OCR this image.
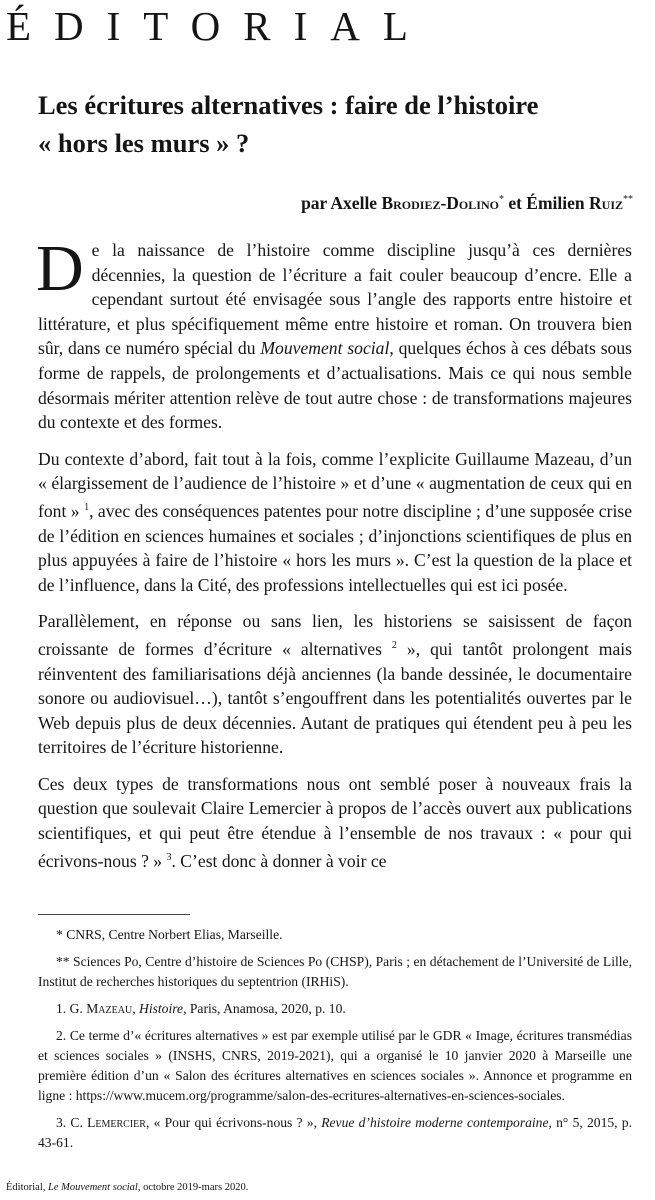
ÉDITORIAL
Les écritures alternatives : faire de l’histoire
« hors les murs » ?
par Axelle Brodiez-Dolino* et Émilien Ruiz**

De la naissance de l’histoire comme discipline jusqu’à ces dernières décennies, la question de l’écriture a fait couler beaucoup d’encre. Elle a cependant surtout été envisagée sous l’angle des rapports entre histoire et littérature, et plus spécifiquement même entre histoire et roman. On trouvera bien sûr, dans ce numéro spécial du Mouvement social, quelques échos à ces débats sous forme de rappels, de prolongements et d’actualisations. Mais ce qui nous semble désormais mériter attention relève de tout autre chose : de transformations majeures du contexte et des formes.

Du contexte d’abord, fait tout à la fois, comme l’explicite Guillaume Mazeau, d’un « élargissement de l’audience de l’histoire » et d’une « augmentation de ceux qui en font » $^1$, avec des conséquences patentes pour notre discipline ; d’une supposée crise de l’édition en sciences humaines et sociales ; d’injonctions scientifiques de plus en plus appuyées à faire de l’histoire « hors les murs ». C’est la question de la place et de l’influence, dans la Cité, des professions intellectuelles qui est ici posée.

Parallèlement, en réponse ou sans lien, les historiens se saisissent de façon croissante de formes d’écriture « alternatives $^2$ », qui tantôt prolongent mais réinventent des familiarisations déjà anciennes (la bande dessinée, le documentaire sonore ou audiovisuel…), tantôt s’engouffrent dans les potentialités ouvertes par le Web depuis plus de deux décennies. Autant de pratiques qui étendent peu à peu les territoires de l’écriture historienne.

Ces deux types de transformations nous ont semblé poser à nouveaux frais la question que soulevait Claire Lemercier à propos de l’accès ouvert aux publications scientifiques, et qui peut être étendue à l’ensemble de nos travaux : « pour qui écrivons-nous ? » $^3$. C’est donc à donner à voir ce

* CNRS, Centre Norbert Elias, Marseille.

** Sciences Po, Centre d’histoire de Sciences Po (CHSP), Paris ; en détachement de l’Université de Lille, Institut de recherches historiques du septentrion (IRHiS).

1. G. Mazeau, Histoire, Paris, Anamosa, 2020, p. 10.

2. Ce terme d’« écritures alternatives » est par exemple utilisé par le GDR « Image, écritures transmédias et sciences sociales » (INSHS, CNRS, 2019-2021), qui a organisé le 10 janvier 2020 à Marseille une première édition d’un « Salon des écritures alternatives en sciences sociales ». Annonce et programme en ligne : https://www.mucem.org/programme/salon-des-ecritures-alternatives-en-sciences-sociales.

3. C. Lemercier, « Pour qui écrivons-nous ? », Revue d’histoire moderne contemporaine, n° 5, 2015, p. 43-61.

Éditorial, Le Mouvement social, octobre 2019-mars 2020.
